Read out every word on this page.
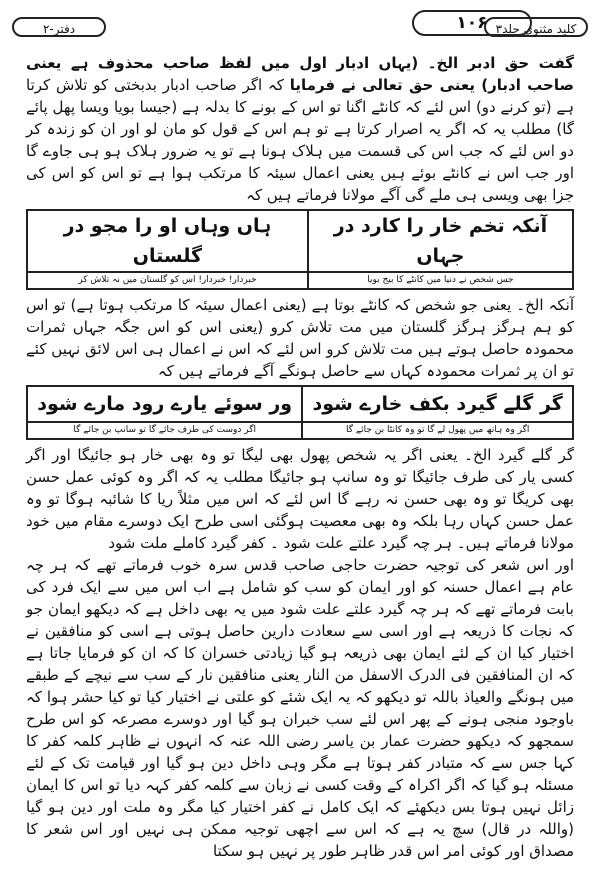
کلید مثنوی جلد۳
۱۰۶
دفتر-۲

گفت حق ادبر الخ۔ (یہاں ادبار اول میں لفظ صاحب محذوف ہے یعنی صاحب ادبار) یعنی حق تعالی نے فرمایا کہ اگر صاحب ادبار بدبختی کو تلاش کرتا ہے (تو کرنے دو) اس لئے کہ کانٹے اگنا تو اس کے بونے کا بدلہ ہے (جیسا بویا ویسا پھل پائے گا) مطلب یہ کہ اگر یہ اصرار کرتا ہے تو ہم اس کے قول کو مان لو اور ان کو زندہ کر دو اس لئے کہ جب اس کی قسمت میں ہلاک ہونا ہے تو یہ ضرور ہلاک ہو ہی جاوے گا اور جب اس نے کانٹے بوئے ہیں یعنی اعمال سیئہ کا مرتکب ہوا ہے تو اس کو اس کی جزا بھی ویسی ہی ملے گی آگے مولانا فرماتے ہیں کہ

آنکہ تخم خار را کارد در جہاں	ہاں وہاں او را مجو در گلستاں
جس شخص نے دنیا میں کانٹے کا بیج بویا	خبردار! خبردار! اس کو گلستان میں نہ تلاش کر

آنکہ الخ۔ یعنی جو شخص کہ کانٹے بوتا ہے (یعنی اعمال سیئہ کا مرتکب ہوتا ہے) تو اس کو ہم ہرگز ہرگز گلستان میں مت تلاش کرو (یعنی اس کو اس جگہ جہاں ثمرات محمودہ حاصل ہوتے ہیں مت تلاش کرو اس لئے کہ اس نے اعمال ہی اس لائق نہیں کئے تو ان پر ثمرات محمودہ کہاں سے حاصل ہونگے آگے فرماتے ہیں کہ

گر گلے گیرد بکف خارے شود	ور سوئے یارے رود مارے شود
اگر وہ ہاتھ میں پھول لے گا تو وہ کانٹا بن جائے گا	اگر دوست کی طرف جائے گا تو سانپ بن جائے گا

گر گلے گیرد الخ۔ یعنی اگر یہ شخص پھول بھی لیگا تو وہ بھی خار ہو جائیگا اور اگر کسی یار کی طرف جائیگا تو وہ سانپ ہو جائیگا مطلب یہ کہ اگر وہ کوئی عمل حسن بھی کریگا تو وہ بھی حسن نہ رہے گا اس لئے کہ اس میں مثلاً ریا کا شائبہ ہوگا تو وہ عمل حسن کہاں رہا بلکہ وہ بھی معصیت ہوگئی اسی طرح ایک دوسرے مقام میں خود مولانا فرماتے ہیں۔ ہر چہ گیرد علتے علت شود ۔ کفر گیرد کاملے ملت شود

اور اس شعر کی توجیہ حضرت حاجی صاحب قدس سرہ خوب فرماتے تھے کہ ہر چہ عام ہے اعمال حسنہ کو اور ایمان کو سب کو شامل ہے اب اس میں سے ایک فرد کی بابت فرماتے تھے کہ ہر چہ گیرد علتے علت شود میں یہ بھی داخل ہے کہ دیکھو ایمان جو کہ نجات کا ذریعہ ہے اور اسی سے سعادت دارین حاصل ہوتی ہے اسی کو منافقین نے اختیار کیا ان کے لئے ایمان بھی ذریعہ ہو گیا زیادتی خسران کا کہ ان کو فرمایا جاتا ہے کہ ان المنافقین فی الدرک الاسفل من النار یعنی منافقین نار کے سب سے نیچے کے طبقے میں ہونگے والعیاذ باللہ تو دیکھو کہ یہ ایک شئے کو علتی نے اختیار کیا تو کیا حشر ہوا کہ باوجود منجی ہونے کے پھر اس لئے سب خبران ہو گیا اور دوسرے مصرعہ کو اس طرح سمجھو کہ دیکھو حضرت عمار بن یاسر رضی اللہ عنہ کہ انہوں نے ظاہر کلمہ کفر کا کہا جس سے کہ متبادر کفر ہوتا ہے مگر وہی داخل دین ہو گیا اور قیامت تک کے لئے مسئلہ ہو گیا کہ اگر اکراہ کے وقت کسی نے زبان سے کلمہ کفر کہہ دیا تو اس کا ایمان زائل نہیں ہوتا بس دیکھئے کہ ایک کامل نے کفر اختیار کیا مگر وہ ملت اور دین ہو گیا (واللہ در قال) سچ یہ ہے کہ اس سے اچھی توجیہ ممکن ہی نہیں اور اس شعر کا مصداق اور کوئی امر اس قدر ظاہر طور پر نہیں ہو سکتا
